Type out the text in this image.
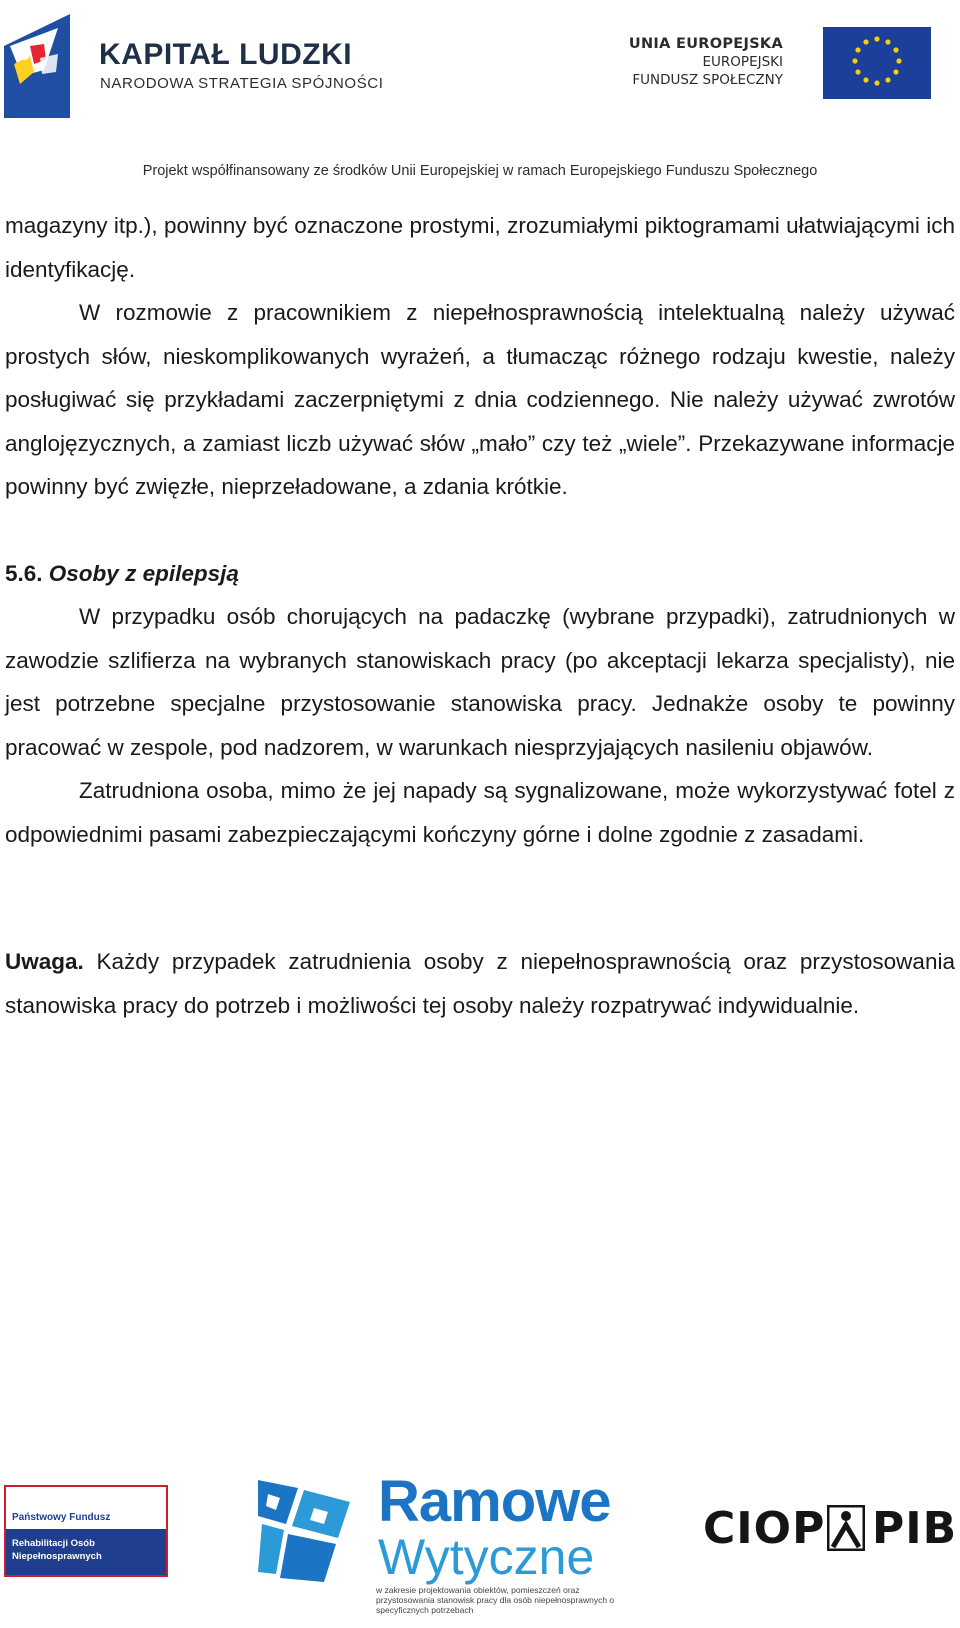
KAPITAŁ LUDZKI
NARODOWA STRATEGIA SPÓJNOŚCI
UNIA EUROPEJSKA
EUROPEJSKI
FUNDUSZ SPOŁECZNY
Projekt współfinansowany ze środków Unii Europejskiej w ramach Europejskiego Funduszu Społecznego

magazyny itp.), powinny być oznaczone prostymi, zrozumiałymi piktogramami ułatwiającymi ich identyfikację.

W rozmowie z pracownikiem z niepełnosprawnością intelektualną należy używać prostych słów, nieskomplikowanych wyrażeń, a tłumacząc różnego rodzaju kwestie, należy posługiwać się przykładami zaczerpniętymi z dnia codziennego. Nie należy używać zwrotów anglojęzycznych, a zamiast liczb używać słów „mało” czy też „wiele”. Przekazywane informacje powinny być zwięzłe, nieprzeładowane, a zdania krótkie.

5.6. Osoby z epilepsją

W przypadku osób chorujących na padaczkę (wybrane przypadki), zatrudnionych w zawodzie szlifierza na wybranych stanowiskach pracy (po akceptacji lekarza specjalisty), nie jest potrzebne specjalne przystosowanie stanowiska pracy. Jednakże osoby te powinny pracować w zespole, pod nadzorem, w warunkach niesprzyjających nasileniu objawów.

Zatrudniona osoba, mimo że jej napady są sygnalizowane, może wykorzystywać fotel z odpowiednimi pasami zabezpieczającymi kończyny górne i dolne zgodnie z zasadami.

Uwaga. Każdy przypadek zatrudnienia osoby z niepełnosprawnością oraz przystosowania stanowiska pracy do potrzeb i możliwości tej osoby należy rozpatrywać indywidualnie.

Państwowy Fundusz
Rehabilitacji Osób Niepełnosprawnych
Ramowe
Wytyczne
w zakresie projektowania obiektów, pomieszczeń oraz przystosowania stanowisk pracy dla osób niepełnosprawnych o specyficznych potrzebach
CIOP PIB
